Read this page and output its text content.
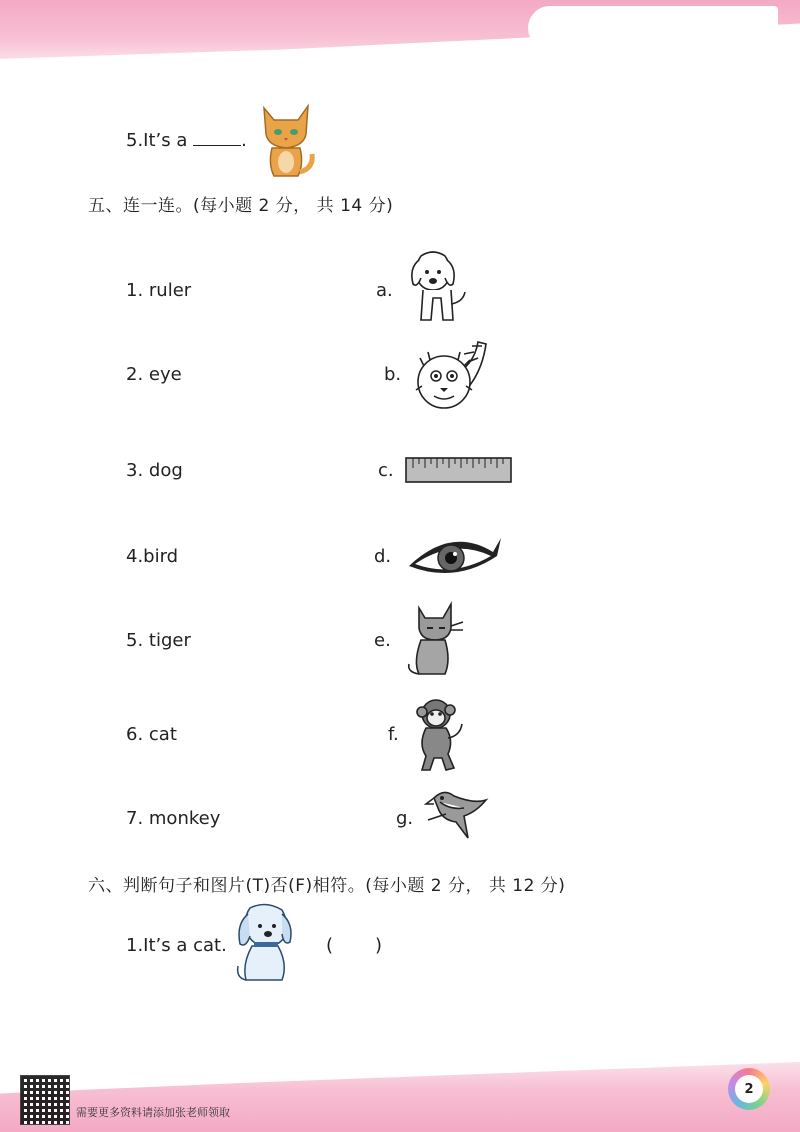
5.It’s a	.
五、连一连。(每小题 2 分， 共 14 分)
1. ruler
2. eye
3. dog
4.bird
5. tiger
6. cat
7. monkey
a.
b.
c.
d.
e.
f.
g.
六、判断句子和图片(T)否(F)相符。(每小题 2 分， 共 12 分)
1.It’s a cat.	( )
需要更多资料请添加张老师领取
2
